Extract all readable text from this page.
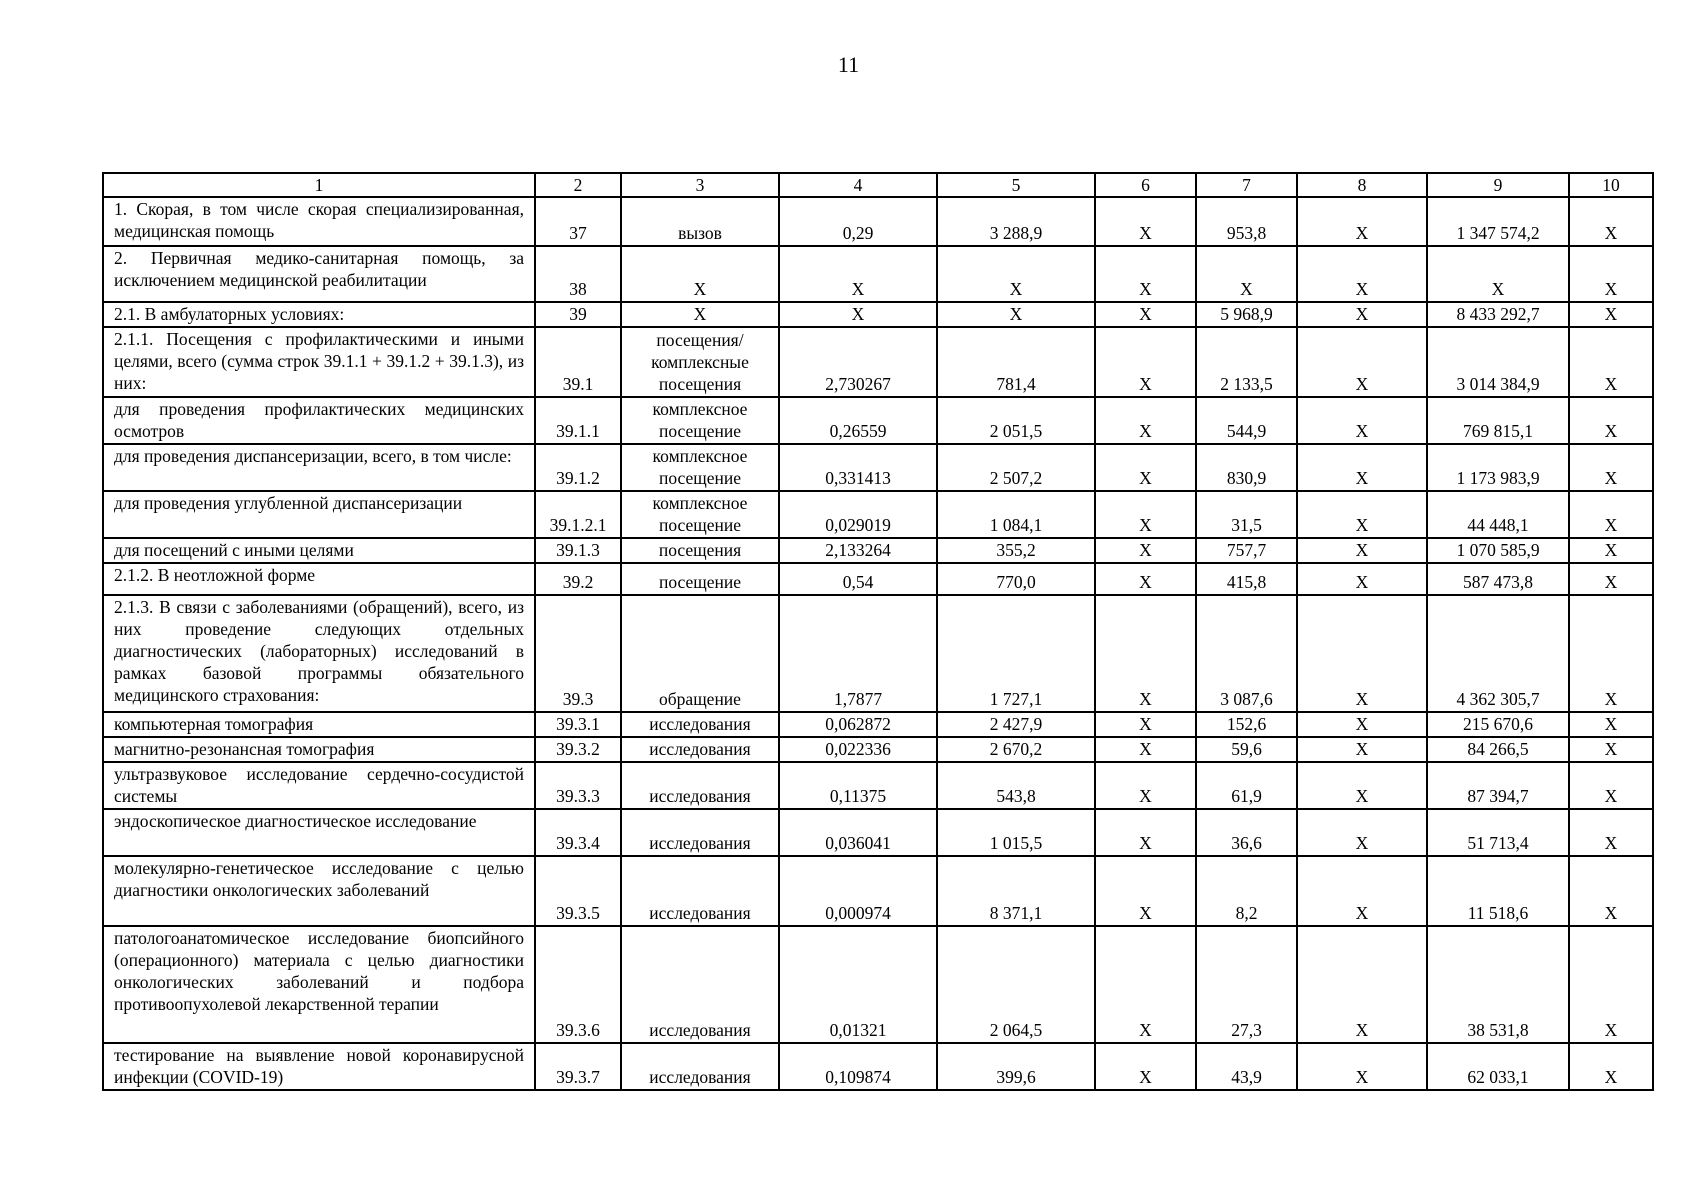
11
1	2	3	4	5	6	7	8	9	10
1. Скорая, в том числе скорая специализированная, медицинская помощь	37	вызов	0,29	3 288,9	Х	953,8	Х	1 347 574,2	Х
2. Первичная медико-санитарная помощь, за исключением медицинской реабилитации	38	Х	Х	Х	Х	Х	Х	Х	Х
2.1. В амбулаторных условиях:	39	Х	Х	Х	Х	5 968,9	Х	8 433 292,7	Х
2.1.1. Посещения с профилактическими и иными целями, всего (сумма строк 39.1.1 + 39.1.2 + 39.1.3), из них:	39.1	посещения/ комплексные посещения	2,730267	781,4	Х	2 133,5	Х	3 014 384,9	Х
для проведения профилактических медицинских осмотров	39.1.1	комплексное посещение	0,26559	2 051,5	Х	544,9	Х	769 815,1	Х
для проведения диспансеризации, всего, в том числе:	39.1.2	комплексное посещение	0,331413	2 507,2	Х	830,9	Х	1 173 983,9	Х
для проведения углубленной диспансеризации	39.1.2.1	комплексное посещение	0,029019	1 084,1	Х	31,5	Х	44 448,1	Х
для посещений с иными целями	39.1.3	посещения	2,133264	355,2	Х	757,7	Х	1 070 585,9	Х
2.1.2. В неотложной форме	39.2	посещение	0,54	770,0	Х	415,8	Х	587 473,8	Х
2.1.3. В связи с заболеваниями (обращений), всего, из них проведение следующих отдельных диагностических (лабораторных) исследований в рамках базовой программы обязательного медицинского страхования:	39.3	обращение	1,7877	1 727,1	Х	3 087,6	Х	4 362 305,7	Х
компьютерная томография	39.3.1	исследования	0,062872	2 427,9	Х	152,6	Х	215 670,6	Х
магнитно-резонансная томография	39.3.2	исследования	0,022336	2 670,2	Х	59,6	Х	84 266,5	Х
ультразвуковое исследование сердечно-сосудистой системы	39.3.3	исследования	0,11375	543,8	Х	61,9	Х	87 394,7	Х
эндоскопическое диагностическое исследование	39.3.4	исследования	0,036041	1 015,5	Х	36,6	Х	51 713,4	Х
молекулярно-генетическое исследование с целью диагностики онкологических заболеваний	39.3.5	исследования	0,000974	8 371,1	Х	8,2	Х	11 518,6	Х
патологоанатомическое исследование биопсийного (операционного) материала с целью диагностики онкологических заболеваний и подбора противоопухолевой лекарственной терапии	39.3.6	исследования	0,01321	2 064,5	Х	27,3	Х	38 531,8	Х
тестирование на выявление новой коронавирусной инфекции (COVID-19)	39.3.7	исследования	0,109874	399,6	Х	43,9	Х	62 033,1	Х
